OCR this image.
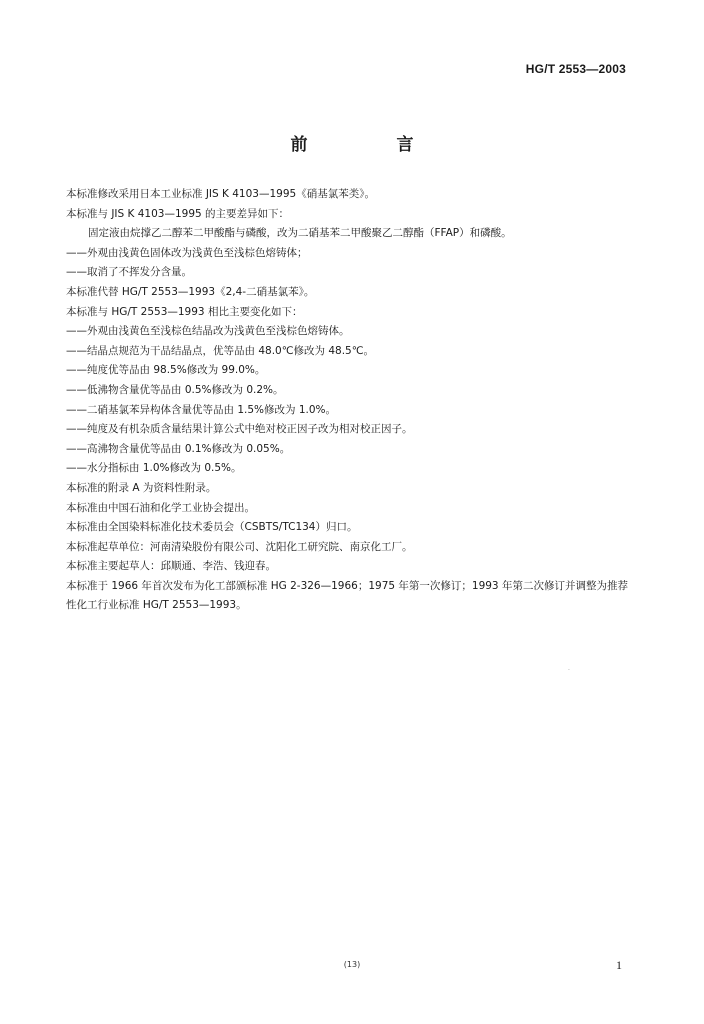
HG/T 2553—2003
前　言

本标准修改采用日本工业标准 JIS K 4103—1995《硝基氯苯类》。

本标准与 JIS K 4103—1995 的主要差异如下：

固定液由烷撑乙二醇苯二甲酸酯与磷酸，改为二硝基苯二甲酸聚乙二醇酯（FFAP）和磷酸。

——外观由浅黄色固体改为浅黄色至浅棕色熔铸体；

——取消了不挥发分含量。

本标准代替 HG/T 2553—1993《2,4-二硝基氯苯》。

本标准与 HG/T 2553—1993 相比主要变化如下：

——外观由浅黄色至浅棕色结晶改为浅黄色至浅棕色熔铸体。

——结晶点规范为干品结晶点，优等品由 48.0℃修改为 48.5℃。

——纯度优等品由 98.5%修改为 99.0%。

——低沸物含量优等品由 0.5%修改为 0.2%。

——二硝基氯苯异构体含量优等品由 1.5%修改为 1.0%。

——纯度及有机杂质含量结果计算公式中绝对校正因子改为相对校正因子。

——高沸物含量优等品由 0.1%修改为 0.05%。

——水分指标由 1.0%修改为 0.5%。

本标准的附录 A 为资料性附录。

本标准由中国石油和化学工业协会提出。

本标准由全国染料标准化技术委员会（CSBTS/TC134）归口。

本标准起草单位：河南清染股份有限公司、沈阳化工研究院、南京化工厂。

本标准主要起草人：邱顺通、李浩、钱迎春。

本标准于 1966 年首次发布为化工部颁标准 HG 2-326—1966；1975 年第一次修订；1993 年第二次修订并调整为推荐性化工行业标准 HG/T 2553—1993。

·
(13)	1
